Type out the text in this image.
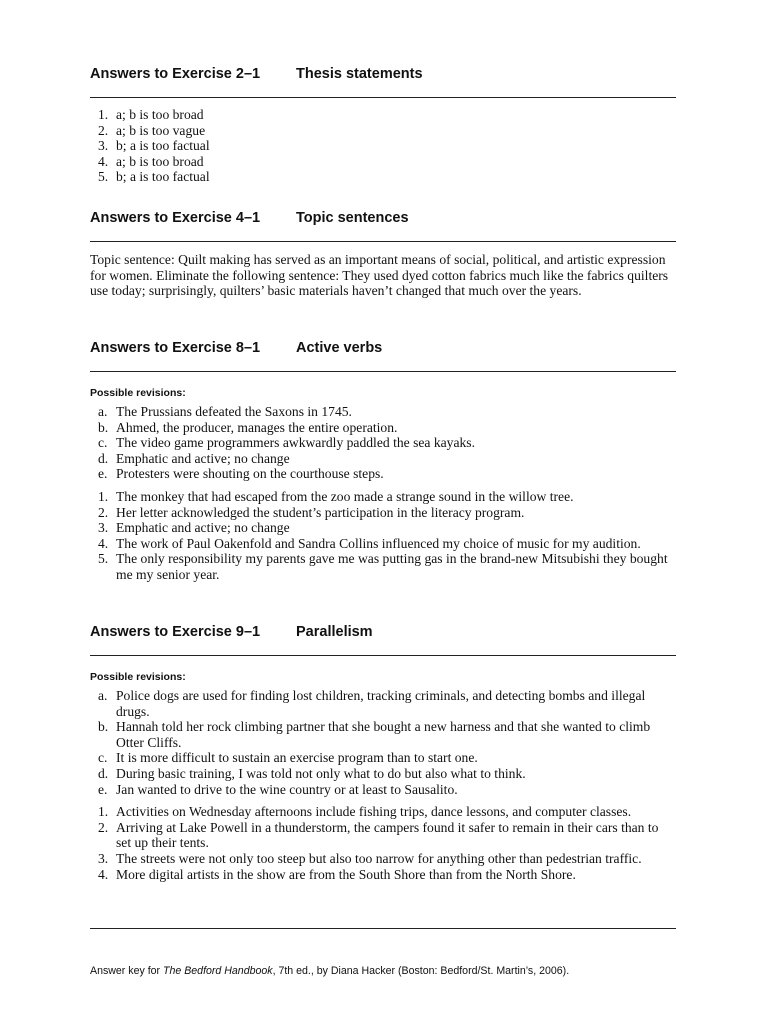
Answers to Exercise 2–1 Thesis statements
1. a; b is too broad
2. a; b is too vague
3. b; a is too factual
4. a; b is too broad
5. b; a is too factual
Answers to Exercise 4–1 Topic sentences
Topic sentence: Quilt making has served as an important means of social, political, and artistic expression for women. Eliminate the following sentence: They used dyed cotton fabrics much like the fabrics quilters use today; surprisingly, quilters’ basic materials haven’t changed that much over the years.
Answers to Exercise 8–1 Active verbs
Possible revisions:
a. The Prussians defeated the Saxons in 1745.
b. Ahmed, the producer, manages the entire operation.
c. The video game programmers awkwardly paddled the sea kayaks.
d. Emphatic and active; no change
e. Protesters were shouting on the courthouse steps.
1. The monkey that had escaped from the zoo made a strange sound in the willow tree.
2. Her letter acknowledged the student’s participation in the literacy program.
3. Emphatic and active; no change
4. The work of Paul Oakenfold and Sandra Collins influenced my choice of music for my audition.
5. The only responsibility my parents gave me was putting gas in the brand-new Mitsubishi they bought me my senior year.
Answers to Exercise 9–1 Parallelism
Possible revisions:
a. Police dogs are used for finding lost children, tracking criminals, and detecting bombs and illegal drugs.
b. Hannah told her rock climbing partner that she bought a new harness and that she wanted to climb Otter Cliffs.
c. It is more difficult to sustain an exercise program than to start one.
d. During basic training, I was told not only what to do but also what to think.
e. Jan wanted to drive to the wine country or at least to Sausalito.
1. Activities on Wednesday afternoons include fishing trips, dance lessons, and computer classes.
2. Arriving at Lake Powell in a thunderstorm, the campers found it safer to remain in their cars than to set up their tents.
3. The streets were not only too steep but also too narrow for anything other than pedestrian traffic.
4. More digital artists in the show are from the South Shore than from the North Shore.
Answer key for The Bedford Handbook, 7th ed., by Diana Hacker (Boston: Bedford/St. Martin’s, 2006).
